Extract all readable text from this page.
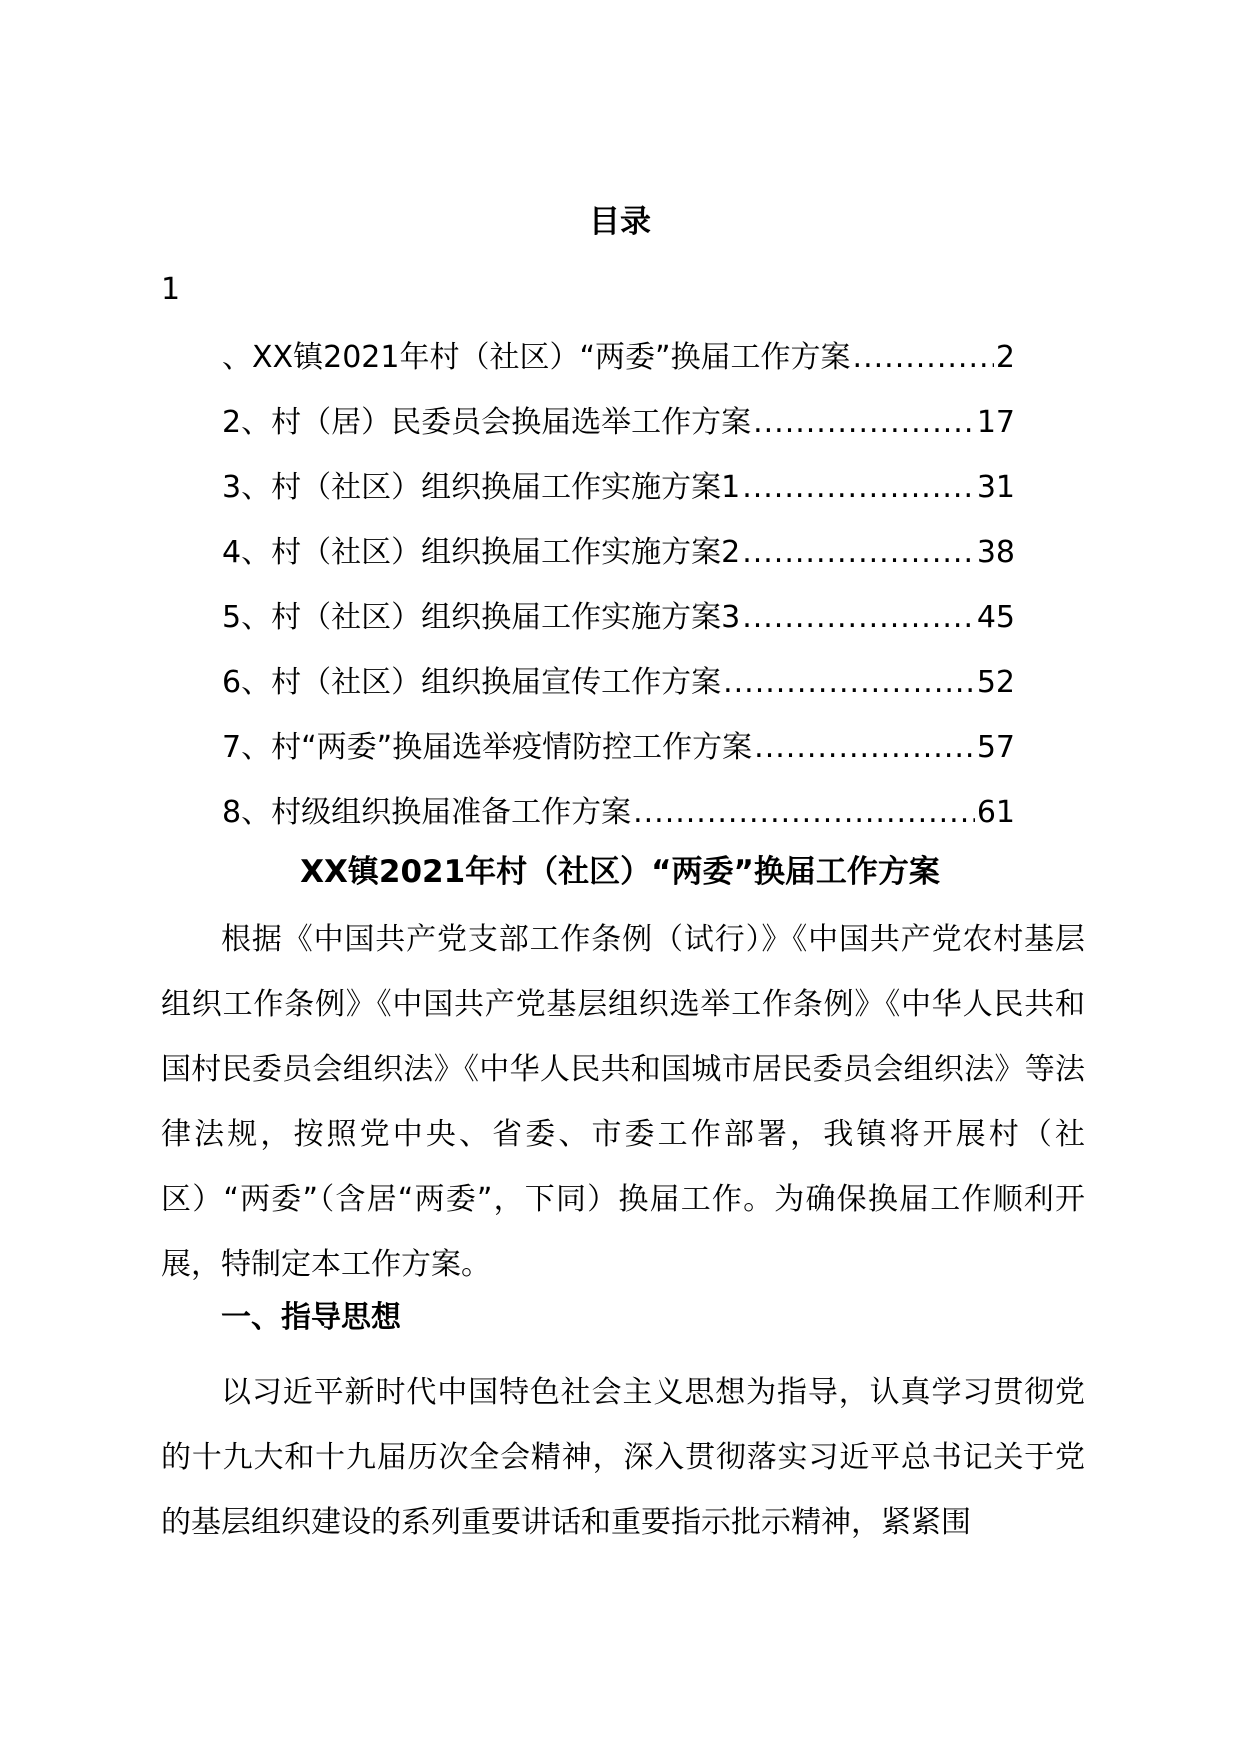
目录
1
、XX镇2021年村（社区）“两委”换届工作方案 .....	2
2、村（居）民委员会换届选举工作方案 .....	17
3、村（社区）组织换届工作实施方案1 .....	31
4、村（社区）组织换届工作实施方案2 .....	38
5、村（社区）组织换届工作实施方案3 .....	45
6、村（社区）组织换届宣传工作方案 .....	52
7、村“两委”换届选举疫情防控工作方案 .....	57
8、村级组织换届准备工作方案 .....	61
XX镇2021年村（社区）“两委”换届工作方案

根据《中国共产党支部工作条例（试行）》《中国共产党农村基层组织工作条例》《中国共产党基层组织选举工作条例》《中华人民共和国村民委员会组织法》《中华人民共和国城市居民委员会组织法》等法律法规，按照党中央、省委、市委工作部署，我镇将开展村（社区）“两委”（含居“两委”，下同）换届工作。为确保换届工作顺利开展，特制定本工作方案。

一、指导思想

以习近平新时代中国特色社会主义思想为指导，认真学习贯彻党的十九大和十九届历次全会精神，深入贯彻落实习近平总书记关于党的基层组织建设的系列重要讲话和重要指示批示精神，紧紧围
